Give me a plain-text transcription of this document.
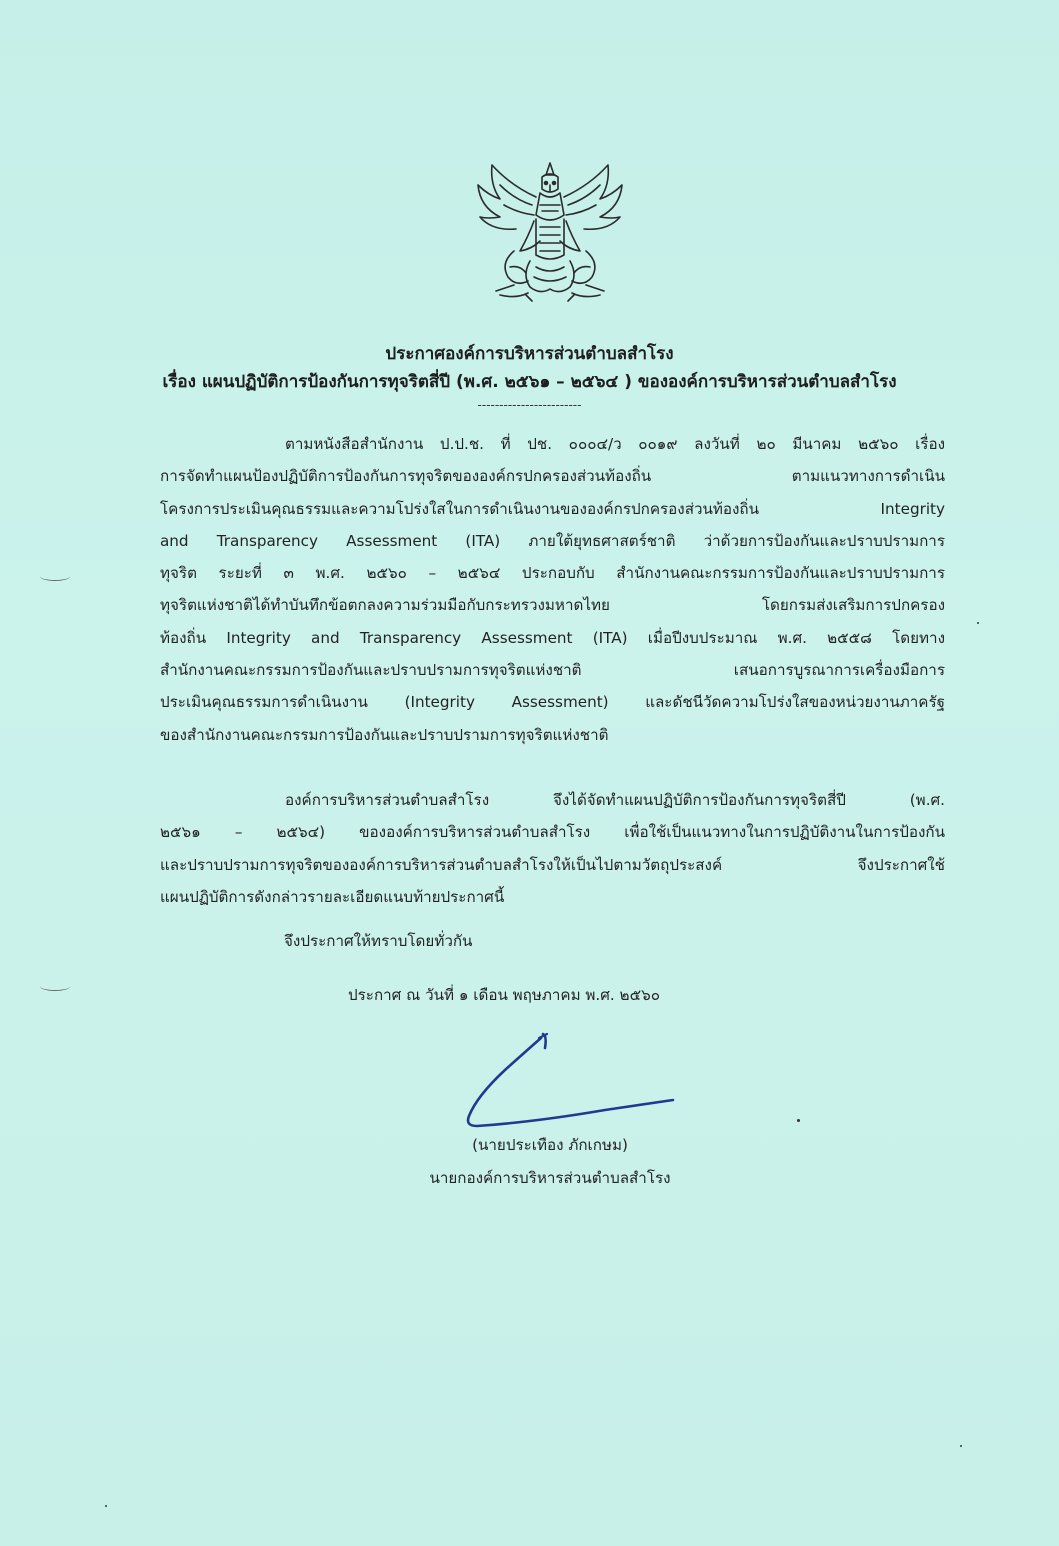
ประกาศองค์การบริหารส่วนตำบลสำโรง
เรื่อง แผนปฏิบัติการป้องกันการทุจริตสี่ปี (พ.ศ. ๒๕๖๑ – ๒๕๖๔ ) ขององค์การบริหารส่วนตำบลสำโรง
------------------------
ตามหนังสือสำนักงาน ป.ป.ช. ที่ ปช. ๐๐๐๔/ว ๐๐๑๙ ลงวันที่ ๒๐ มีนาคม ๒๕๖๐ เรื่อง
การจัดทำแผนป้องปฏิบัติการป้องกันการทุจริตขององค์กรปกครองส่วนท้องถิ่น ตามแนวทางการดำเนิน
โครงการประเมินคุณธรรมและความโปร่งใสในการดำเนินงานขององค์กรปกครองส่วนท้องถิ่น Integrity
and Transparency Assessment (ITA) ภายใต้ยุทธศาสตร์ชาติ ว่าด้วยการป้องกันและปราบปรามการ
ทุจริต ระยะที่ ๓ พ.ศ. ๒๕๖๐ – ๒๕๖๔ ประกอบกับ สำนักงานคณะกรรมการป้องกันและปราบปรามการ
ทุจริตแห่งชาติได้ทำบันทึกข้อตกลงความร่วมมือกับกระทรวงมหาดไทย โดยกรมส่งเสริมการปกครอง
ท้องถิ่น Integrity and Transparency Assessment (ITA) เมื่อปีงบประมาณ พ.ศ. ๒๕๕๘ โดยทาง
สำนักงานคณะกรรมการป้องกันและปราบปรามการทุจริตแห่งชาติ เสนอการบูรณาการเครื่องมือการ
ประเมินคุณธรรมการดำเนินงาน (Integrity Assessment) และดัชนีวัดความโปร่งใสของหน่วยงานภาครัฐ
ของสำนักงานคณะกรรมการป้องกันและปราบปรามการทุจริตแห่งชาติ
องค์การบริหารส่วนตำบลสำโรง จึงได้จัดทำแผนปฏิบัติการป้องกันการทุจริตสี่ปี (พ.ศ.
๒๕๖๑ – ๒๕๖๔) ขององค์การบริหารส่วนตำบลสำโรง เพื่อใช้เป็นแนวทางในการปฏิบัติงานในการป้องกัน
และปราบปรามการทุจริตขององค์การบริหารส่วนตำบลสำโรงให้เป็นไปตามวัตถุประสงค์ จึงประกาศใช้
แผนปฏิบัติการดังกล่าวรายละเอียดแนบท้ายประกาศนี้
จึงประกาศให้ทราบโดยทั่วกัน
ประกาศ ณ วันที่ ๑ เดือน พฤษภาคม พ.ศ. ๒๕๖๐
(นายประเทือง ภักเกษม)
นายกองค์การบริหารส่วนตำบลสำโรง
